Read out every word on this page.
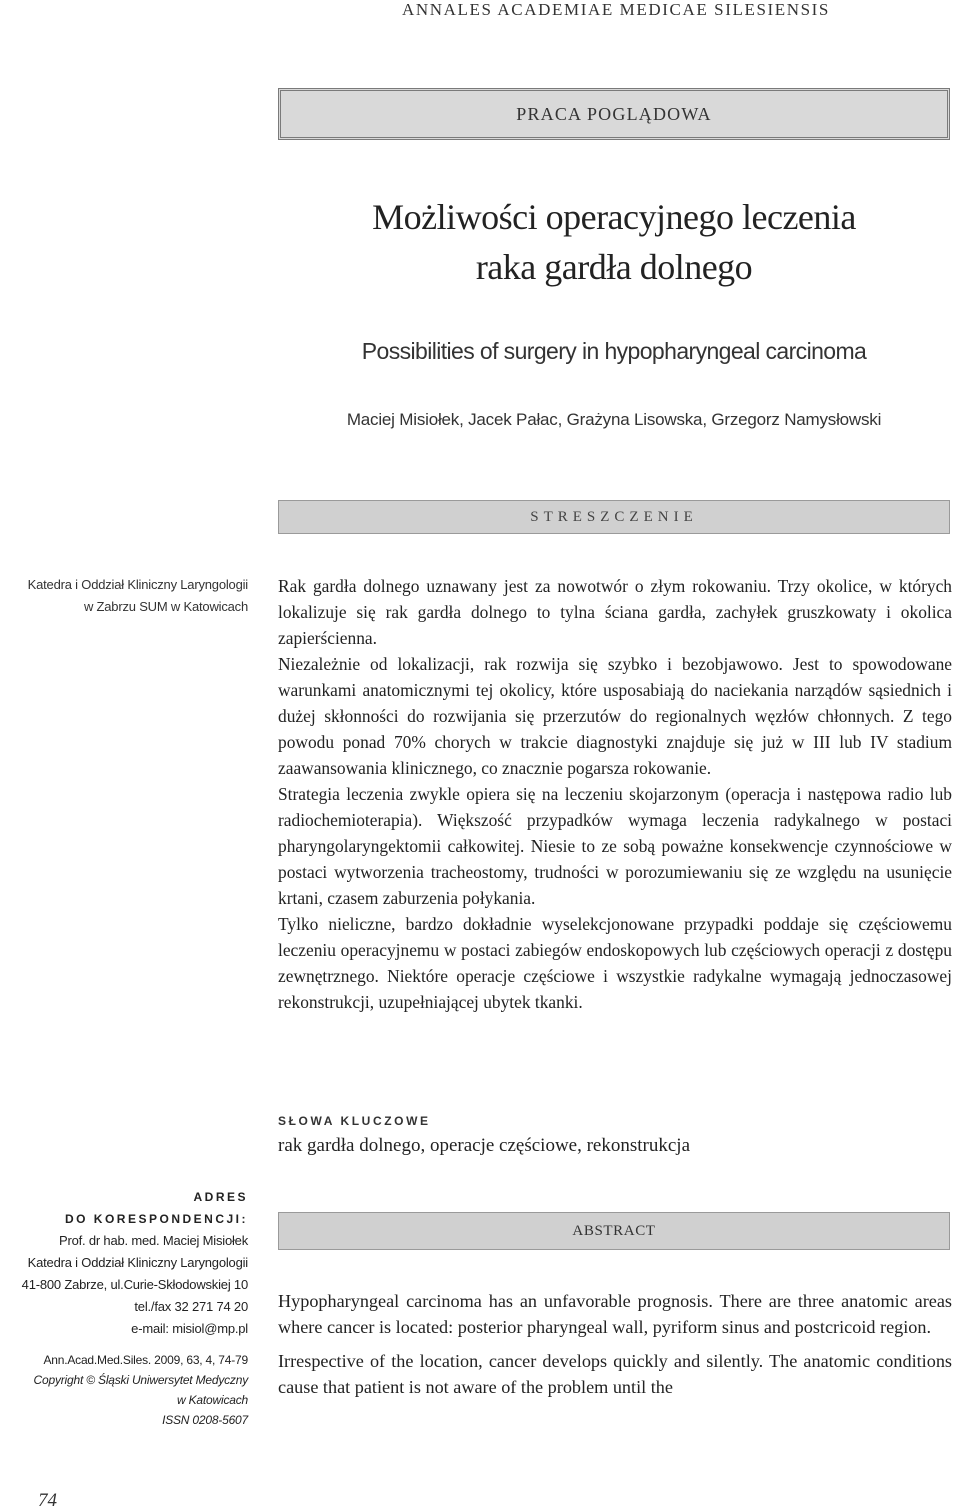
ANNALES ACADEMIAE MEDICAE SILESIENSIS
PRACA POGLĄDOWA
Możliwości operacyjnego leczenia
raka gardła dolnego
Possibilities of surgery in hypopharyngeal carcinoma
Maciej Misiołek, Jacek Pałac, Grażyna Lisowska, Grzegorz Namysłowski
STRESZCZENIE
Katedra i Oddział Kliniczny Laryngologii
w Zabrzu SUM w Katowicach

Rak gardła dolnego uznawany jest za nowotwór o złym rokowaniu. Trzy okolice, w których lokalizuje się rak gardła dolnego to tylna ściana gardła, zachyłek gruszkowaty i okolica zapierścienna.

Niezależnie od lokalizacji, rak rozwija się szybko i bezobjawowo. Jest to spowodowane warunkami anatomicznymi tej okolicy, które usposabiają do naciekania narządów sąsiednich i dużej skłonności do rozwijania się przerzutów do regionalnych węzłów chłonnych. Z tego powodu ponad 70% chorych w trakcie diagnostyki znajduje się już w III lub IV stadium zaawansowania klinicznego, co znacznie pogarsza rokowanie.

Strategia leczenia zwykle opiera się na leczeniu skojarzonym (operacja i następowa radio lub radiochemioterapia). Większość przypadków wymaga leczenia radykalnego w postaci pharyngolaryngektomii całkowitej. Niesie to ze sobą poważne konsekwencje czynnościowe w postaci wytworzenia tracheostomy, trudności w porozumiewaniu się ze względu na usunięcie krtani, czasem zaburzenia połykania.

Tylko nieliczne, bardzo dokładnie wyselekcjonowane przypadki poddaje się częściowemu leczeniu operacyjnemu w postaci zabiegów endoskopowych lub częściowych operacji z dostępu zewnętrznego. Niektóre operacje częściowe i wszystkie radykalne wymagają jednoczasowej rekonstrukcji, uzupełniającej ubytek tkanki.

SŁOWA KLUCZOWE
rak gardła dolnego, operacje częściowe, rekonstrukcja
ADRES
DO KORESPONDENCJI:
Prof. dr hab. med. Maciej Misiołek
Katedra i Oddział Kliniczny Laryngologii
41-800 Zabrze, ul.Curie-Skłodowskiej 10
tel./fax 32 271 74 20
e-mail: misiol@mp.pl
Ann.Acad.Med.Siles. 2009, 63, 4, 74-79
Copyright © Śląski Uniwersytet Medyczny
w Katowicach
ISSN 0208-5607
ABSTRACT

Hypopharyngeal carcinoma has an unfavorable prognosis. There are three anatomic areas where cancer is located: posterior pharyngeal wall, pyriform sinus and postcricoid region.

Irrespective of the location, cancer develops quickly and silently. The anatomic conditions cause that patient is not aware of the problem until the

74
